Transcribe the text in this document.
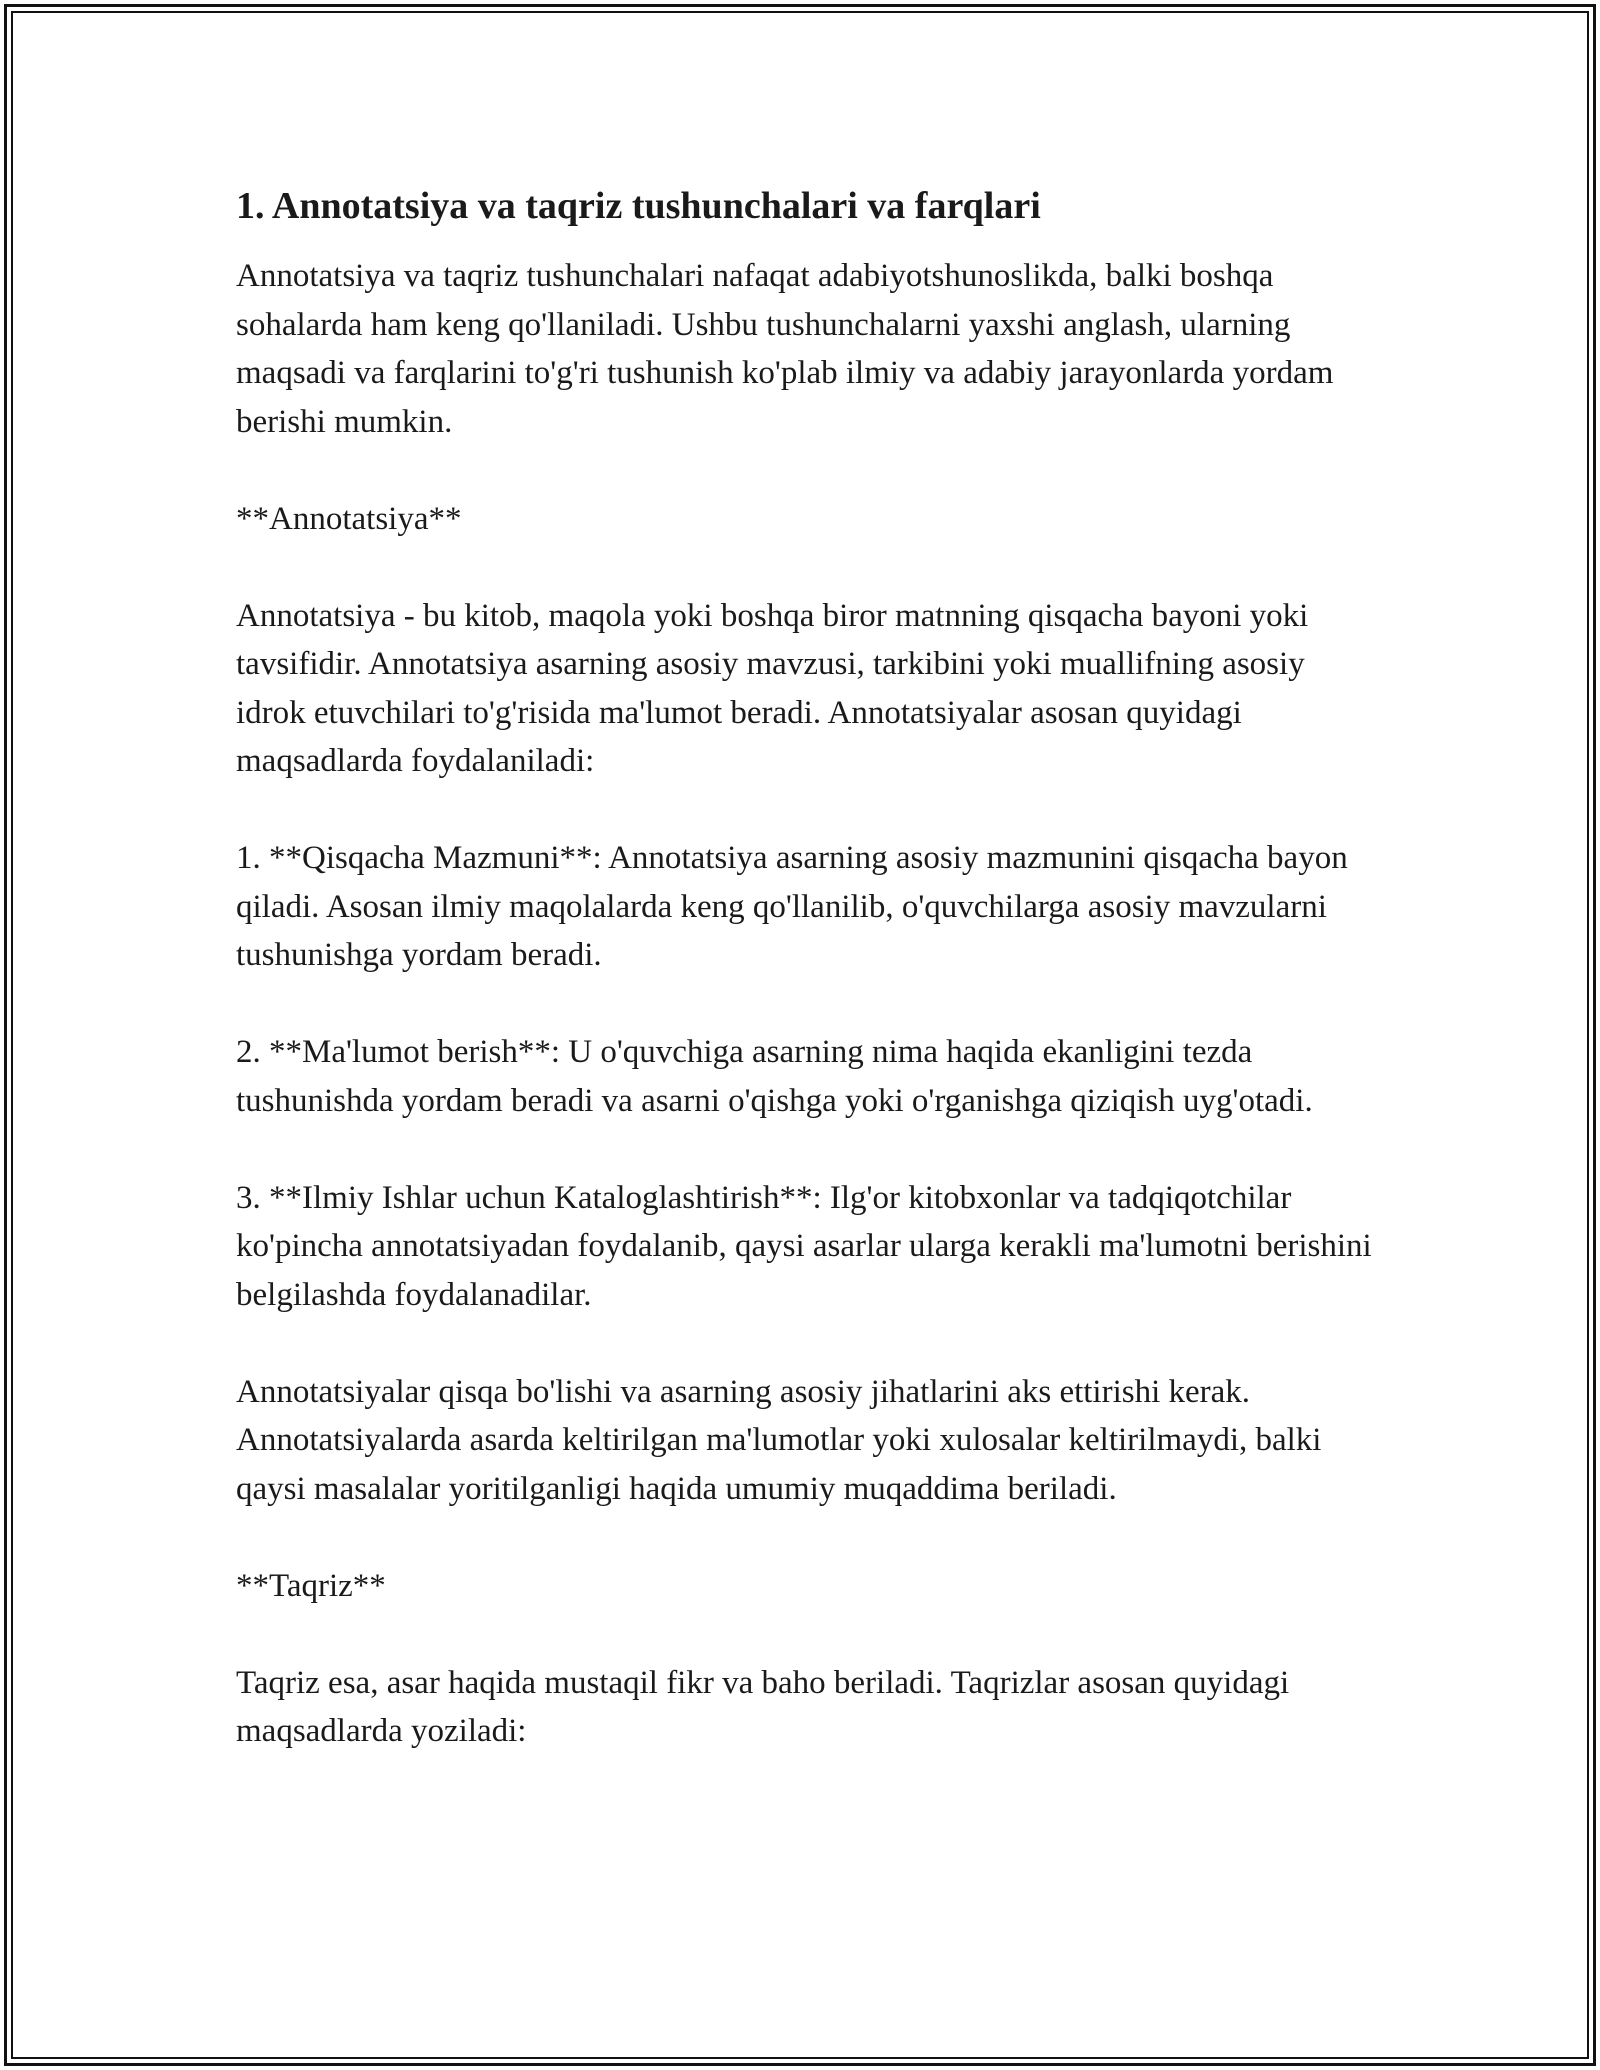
1. Annotatsiya va taqriz tushunchalari va farqlari

Annotatsiya va taqriz tushunchalari nafaqat adabiyotshunoslikda, balki boshqa sohalarda ham keng qo'llaniladi. Ushbu tushunchalarni yaxshi anglash, ularning maqsadi va farqlarini to'g'ri tushunish ko'plab ilmiy va adabiy jarayonlarda yordam berishi mumkin.

**Annotatsiya**

Annotatsiya - bu kitob, maqola yoki boshqa biror matnning qisqacha bayoni yoki tavsifidir. Annotatsiya asarning asosiy mavzusi, tarkibini yoki muallifning asosiy idrok etuvchilari to'g'risida ma'lumot beradi. Annotatsiyalar asosan quyidagi maqsadlarda foydalaniladi:

1. **Qisqacha Mazmuni**: Annotatsiya asarning asosiy mazmunini qisqacha bayon qiladi. Asosan ilmiy maqolalarda keng qo'llanilib, o'quvchilarga asosiy mavzularni tushunishga yordam beradi.

2. **Ma'lumot berish**: U o'quvchiga asarning nima haqida ekanligini tezda tushunishda yordam beradi va asarni o'qishga yoki o'rganishga qiziqish uyg'otadi.

3. **Ilmiy Ishlar uchun Kataloglashtirish**: Ilg'or kitobxonlar va tadqiqotchilar ko'pincha annotatsiyadan foydalanib, qaysi asarlar ularga kerakli ma'lumotni berishini belgilashda foydalanadilar.

Annotatsiyalar qisqa bo'lishi va asarning asosiy jihatlarini aks ettirishi kerak. Annotatsiyalarda asarda keltirilgan ma'lumotlar yoki xulosalar keltirilmaydi, balki qaysi masalalar yoritilganligi haqida umumiy muqaddima beriladi.

**Taqriz**

Taqriz esa, asar haqida mustaqil fikr va baho beriladi. Taqrizlar asosan quyidagi maqsadlarda yoziladi:
